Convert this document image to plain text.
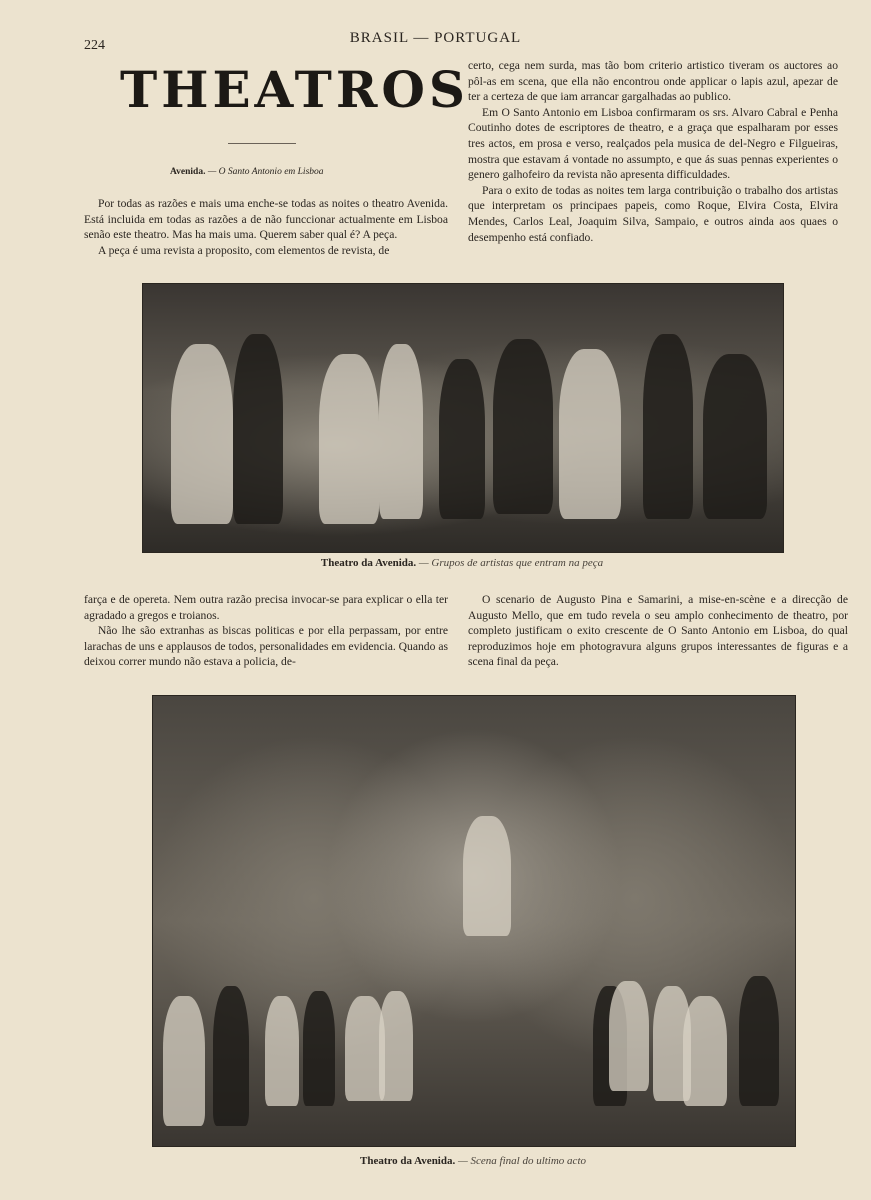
224	BRASIL — PORTUGAL
THEATROS
Avenida. — O Santo Antonio em Lisboa

Por todas as razões e mais uma enche-se todas as noites o theatro Avenida. Está incluida em todas as razões a de não funccionar actualmente em Lisboa senão este theatro. Mas ha mais uma. Querem saber qual é? A peça.

A peça é uma revista a proposito, com elementos de revista, de

certo, cega nem surda, mas tão bom criterio artistico tiveram os auctores ao pôl-as em scena, que ella não encontrou onde applicar o lapis azul, apezar de ter a certeza de que iam arrancar gargalhadas ao publico.

Em O Santo Antonio em Lisboa confirmaram os srs. Alvaro Cabral e Penha Coutinho dotes de escriptores de theatro, e a graça que espalharam por esses tres actos, em prosa e verso, realçados pela musica de del-Negro e Filgueiras, mostra que estavam á vontade no assumpto, e que ás suas pennas experientes o genero galhofeiro da revista não apresenta difficuldades.

Para o exito de todas as noites tem larga contribuição o trabalho dos artistas que interpretam os principaes papeis, como Roque, Elvira Costa, Elvira Mendes, Carlos Leal, Joaquim Silva, Sampaio, e outros ainda aos quaes o desempenho está confiado.

Theatro da Avenida. — Grupos de artistas que entram na peça

farça e de opereta. Nem outra razão precisa invocar-se para explicar o ella ter agradado a gregos e troianos.

Não lhe são extranhas as biscas politicas e por ella perpassam, por entre larachas de uns e applausos de todos, personalidades em evidencia. Quando as deixou correr mundo não estava a policia, de-

O scenario de Augusto Pina e Samarini, a mise-en-scène e a direcção de Augusto Mello, que em tudo revela o seu amplo conhecimento de theatro, por completo justificam o exito crescente de O Santo Antonio em Lisboa, do qual reproduzimos hoje em photogravura alguns grupos interessantes de figuras e a scena final da peça.

Theatro da Avenida. — Scena final do ultimo acto
